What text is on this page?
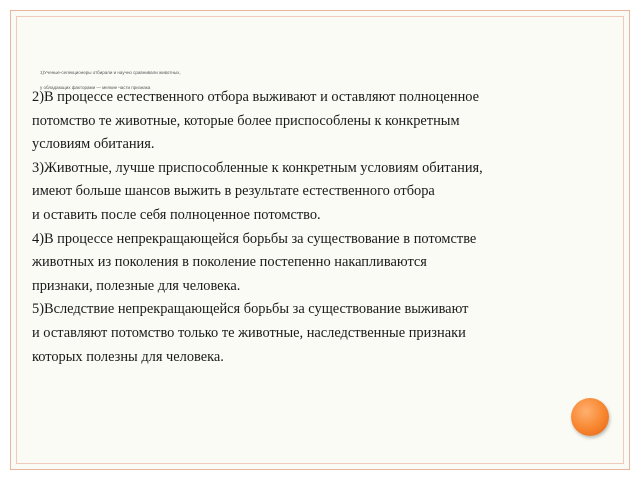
1)Ученые-селекционеры отбирали и научно сравнивали животных,
у обладающих факторами — мелкие части признака
2)В процессе естественного отбора выживают и оставляют полноценное
потомство те животные, которые более приспособлены к конкретным
условиям обитания.
3)Животные, лучше приспособленные к конкретным условиям обитания,
имеют больше шансов выжить в результате естественного отбора
и оставить после себя полноценное потомство.
4)В процессе непрекращающейся борьбы за существование в потомстве
животных из поколения в поколение постепенно накапливаются
признаки, полезные для человека.
5)Вследствие непрекращающейся борьбы за существование выживают
и оставляют потомство только те животные, наследственные признаки
которых полезны для человека.
